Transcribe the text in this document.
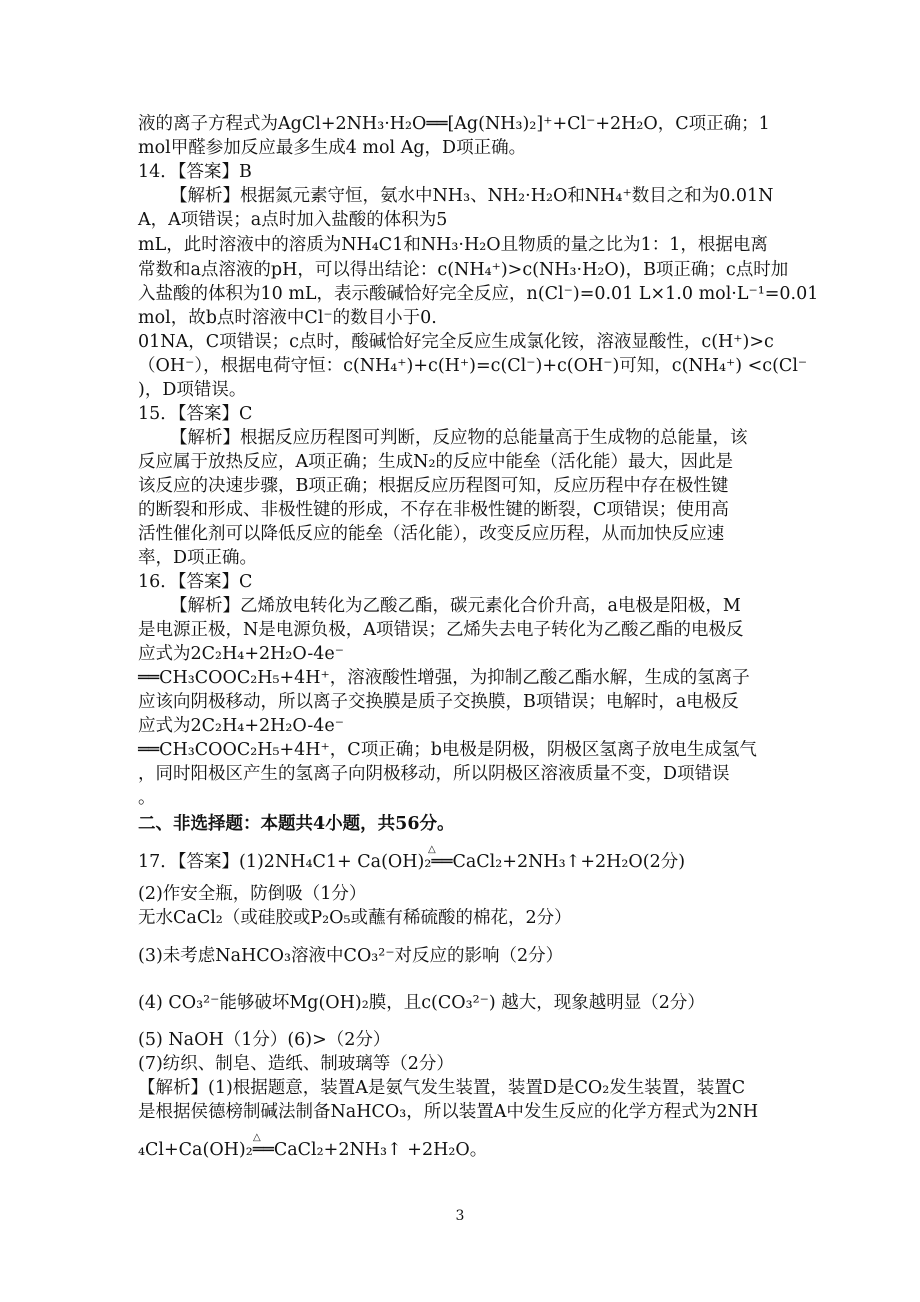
液的离子方程式为AgCl+2NH₃·H₂O══[Ag(NH₃)₂]⁺+Cl⁻+2H₂O，C项正确；1
mol甲醛参加反应最多生成4 mol Ag，D项正确。
14．【答案】B
【解析】根据氮元素守恒，氨水中NH₃、NH₂·H₂O和NH₄⁺数目之和为0.01N
A，A项错误；a点时加入盐酸的体积为5
mL，此时溶液中的溶质为NH₄C1和NH₃·H₂O且物质的量之比为1：1，根据电离
常数和a点溶液的pH，可以得出结论：c(NH₄⁺)>c(NH₃·H₂O)，B项正确；c点时加
入盐酸的体积为10 mL，表示酸碱恰好完全反应，n(Cl⁻)=0.01 L×1.0 mol·L⁻¹=0.01
mol，故b点时溶液中Cl⁻的数目小于0.
01NA，C项错误；c点时，酸碱恰好完全反应生成氯化铵，溶液显酸性，c(H⁺)>c
（OH⁻），根据电荷守恒：c(NH₄⁺)+c(H⁺)=c(Cl⁻)+c(OH⁻)可知，c(NH₄⁺) <c(Cl⁻
)，D项错误。
15．【答案】C
【解析】根据反应历程图可判断，反应物的总能量高于生成物的总能量，该
反应属于放热反应，A项正确；生成N₂的反应中能垒（活化能）最大，因此是
该反应的决速步骤，B项正确；根据反应历程图可知，反应历程中存在极性键
的断裂和形成、非极性键的形成，不存在非极性键的断裂，C项错误；使用高
活性催化剂可以降低反应的能垒（活化能），改变反应历程，从而加快反应速
率，D项正确。
16．【答案】C
【解析】乙烯放电转化为乙酸乙酯，碳元素化合价升高，a电极是阳极，M
是电源正极，N是电源负极，A项错误；乙烯失去电子转化为乙酸乙酯的电极反
应式为2C₂H₄+2H₂O-4e⁻
══CH₃COOC₂H₅+4H⁺，溶液酸性增强，为抑制乙酸乙酯水解，生成的氢离子
应该向阴极移动，所以离子交换膜是质子交换膜，B项错误；电解时，a电极反
应式为2C₂H₄+2H₂O-4e⁻
══CH₃COOC₂H₅+4H⁺，C项正确；b电极是阴极，阴极区氢离子放电生成氢气
，同时阳极区产生的氢离子向阴极移动，所以阴极区溶液质量不变，D项错误
。
二、非选择题：本题共4小题，共56分。
17．【答案】(1)2NH₄C1+ Ca(OH)₂══CaCl₂+2NH₃↑+2H₂O(2分)
△
(2)作安全瓶，防倒吸（1分）
无水CaCl₂（或硅胶或P₂O₅或蘸有稀硫酸的棉花，2分）
(3)未考虑NaHCO₃溶液中CO₃²⁻对反应的影响（2分）
(4) CO₃²⁻能够破坏Mg(OH)₂膜，且c(CO₃²⁻) 越大，现象越明显（2分）
(5) NaOH（1分）(6)>（2分）
(7)纺织、制皂、造纸、制玻璃等（2分）
【解析】(1)根据题意，装置A是氨气发生装置，装置D是CO₂发生装置，装置C
是根据侯德榜制碱法制备NaHCO₃，所以装置A中发生反应的化学方程式为2NH
₄Cl+Ca(OH)₂══CaCl₂+2NH₃↑ +2H₂O。
△
3
